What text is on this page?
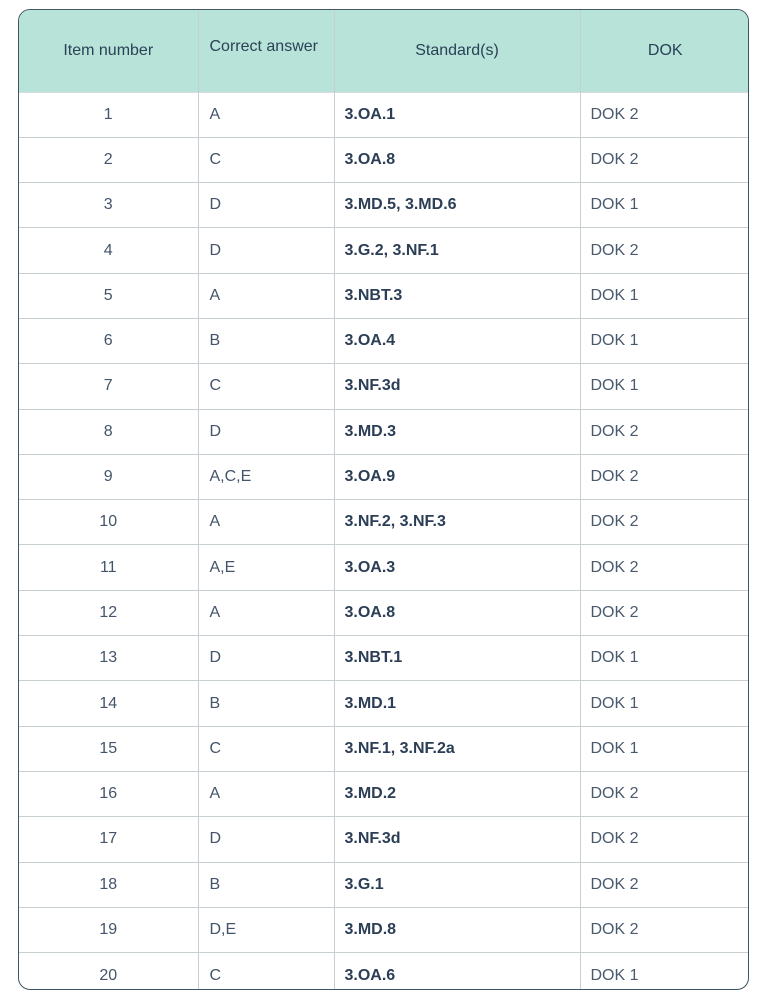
Item number	Correct answer	Standard(s)	DOK
1	A	3.OA.1	DOK 2
2	C	3.OA.8	DOK 2
3	D	3.MD.5, 3.MD.6	DOK 1
4	D	3.G.2, 3.NF.1	DOK 2
5	A	3.NBT.3	DOK 1
6	B	3.OA.4	DOK 1
7	C	3.NF.3d	DOK 1
8	D	3.MD.3	DOK 2
9	A,C,E	3.OA.9	DOK 2
10	A	3.NF.2, 3.NF.3	DOK 2
11	A,E	3.OA.3	DOK 2
12	A	3.OA.8	DOK 2
13	D	3.NBT.1	DOK 1
14	B	3.MD.1	DOK 1
15	C	3.NF.1, 3.NF.2a	DOK 1
16	A	3.MD.2	DOK 2
17	D	3.NF.3d	DOK 2
18	B	3.G.1	DOK 2
19	D,E	3.MD.8	DOK 2
20	C	3.OA.6	DOK 1
